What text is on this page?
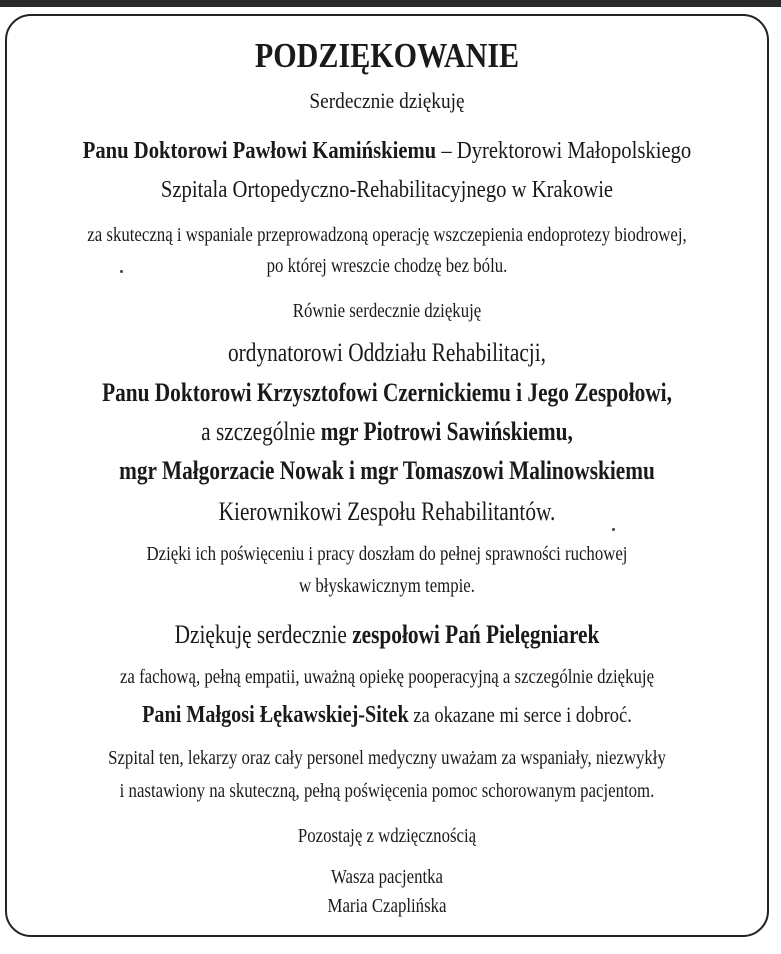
PODZIĘKOWANIE
Serdecznie dziękuję
Panu Doktorowi Pawłowi Kamińskiemu – Dyrektorowi Małopolskiego
Szpitala Ortopedyczno-Rehabilitacyjnego w Krakowie
za skuteczną i wspaniale przeprowadzoną operację wszczepienia endoprotezy biodrowej,
po której wreszcie chodzę bez bólu.
Równie serdecznie dziękuję
ordynatorowi Oddziału Rehabilitacji,
Panu Doktorowi Krzysztofowi Czernickiemu i Jego Zespołowi,
a szczególnie mgr Piotrowi Sawińskiemu,
mgr Małgorzacie Nowak i mgr Tomaszowi Malinowskiemu
Kierownikowi Zespołu Rehabilitantów.
Dzięki ich poświęceniu i pracy doszłam do pełnej sprawności ruchowej
w błyskawicznym tempie.
Dziękuję serdecznie zespołowi Pań Pielęgniarek
za fachową, pełną empatii, uważną opiekę pooperacyjną a szczególnie dziękuję
Pani Małgosi Łękawskiej-Sitek za okazane mi serce i dobroć.
Szpital ten, lekarzy oraz cały personel medyczny uważam za wspaniały, niezwykły
i nastawiony na skuteczną, pełną poświęcenia pomoc schorowanym pacjentom.
Pozostaję z wdzięcznością
Wasza pacjentka
Maria Czaplińska
